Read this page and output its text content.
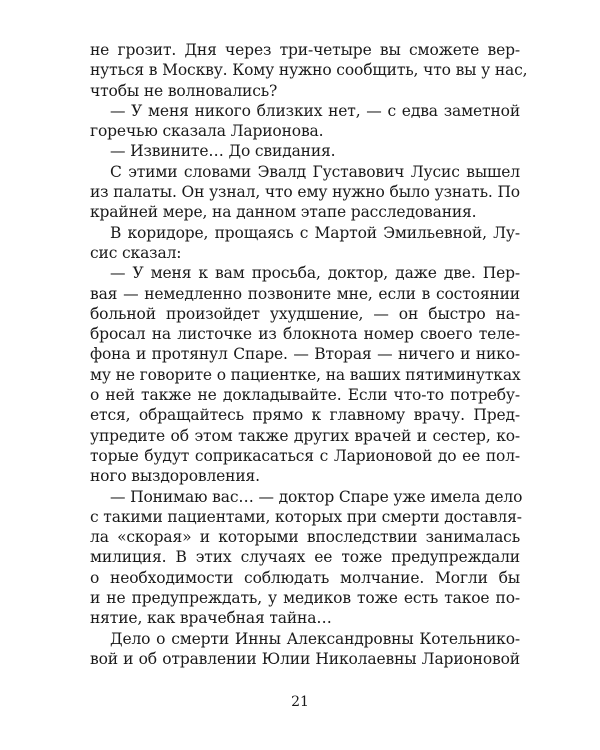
не грозит. Дня через три-четыре вы сможете вер-
нуться в Москву. Кому нужно сообщить, что вы у нас,
чтобы не волновались?
— У меня никого близких нет, — с едва заметной
горечью сказала Ларионова.
— Извините… До свидания.
С этими словами Эвалд Густавович Лусис вышел
из палаты. Он узнал, что ему нужно было узнать. По
крайней мере, на данном этапе расследования.
В коридоре, прощаясь с Мартой Эмильевной, Лу-
сис сказал:
— У меня к вам просьба, доктор, даже две. Пер-
вая — немедленно позвоните мне, если в состоянии
больной произойдет ухудшение, — он быстро на-
бросал на листочке из блокнота номер своего теле-
фона и протянул Спаре. — Вторая — ничего и нико-
му не говорите о пациентке, на ваших пятиминутках
о ней также не докладывайте. Если что-то потребу-
ется, обращайтесь прямо к главному врачу. Пред-
упредите об этом также других врачей и сестер, ко-
торые будут соприкасаться с Ларионовой до ее пол-
ного выздоровления.
— Понимаю вас… — доктор Спаре уже имела дело
с такими пациентами, которых при смерти доставля-
ла «скорая» и которыми впоследствии занималась
милиция. В этих случаях ее тоже предупреждали
о необходимости соблюдать молчание. Могли бы
и не предупреждать, у медиков тоже есть такое по-
нятие, как врачебная тайна…
Дело о смерти Инны Александровны Котельнико-
вой и об отравлении Юлии Николаевны Ларионовой
21
